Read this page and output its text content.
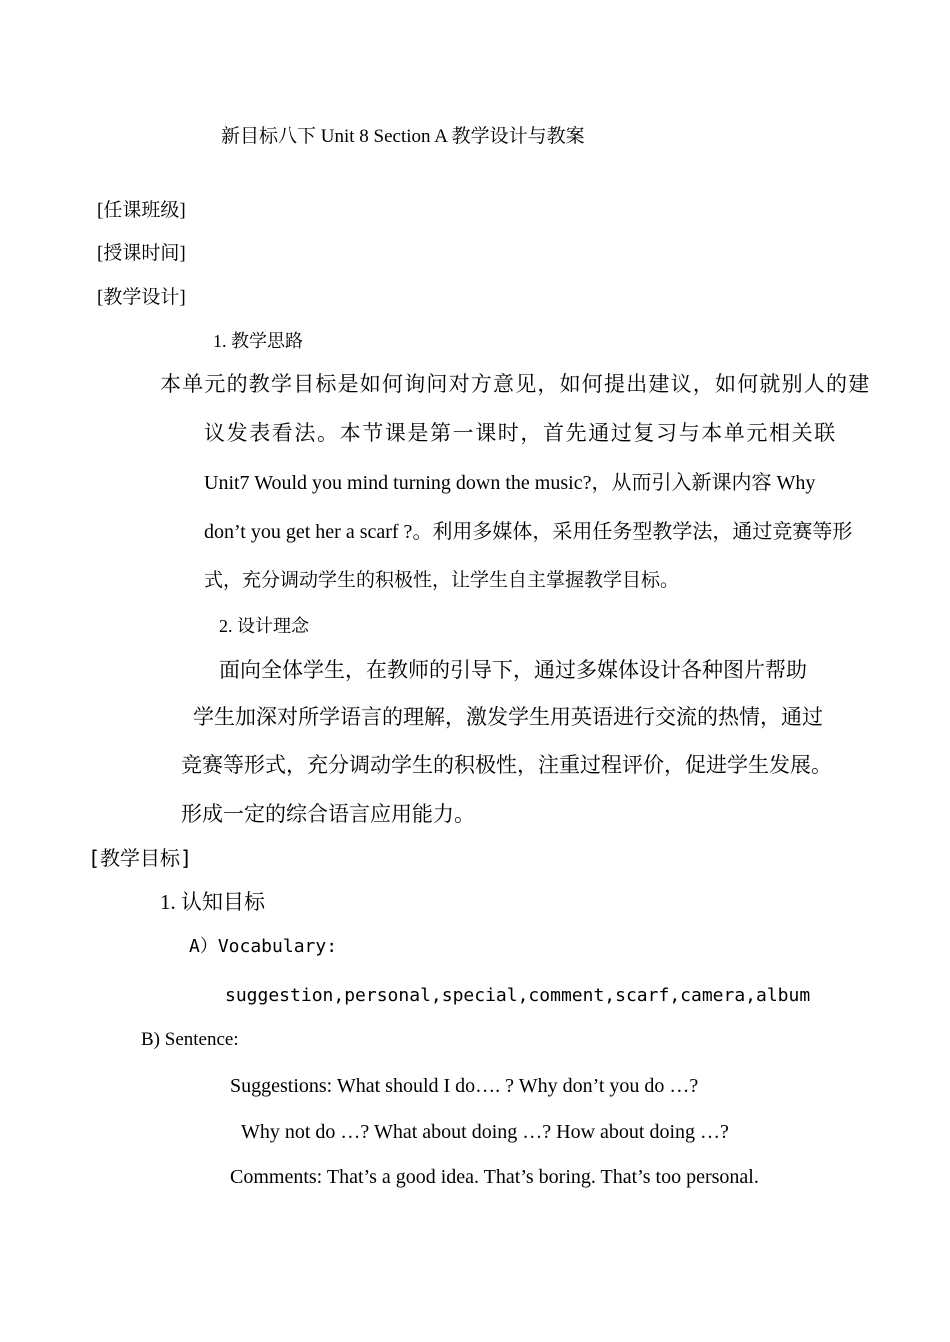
新目标八下 Unit 8 Section A 教学设计与教案
[任课班级]
[授课时间]
[教学设计]
1. 教学思路
本单元的教学目标是如何询问对方意见，如何提出建议，如何就别人的建
议发表看法。本节课是第一课时，首先通过复习与本单元相关联
Unit7 Would you mind turning down the music?，从而引入新课内容 Why
don’t you get her a scarf ?。利用多媒体，采用任务型教学法，通过竞赛等形
式，充分调动学生的积极性，让学生自主掌握教学目标。
2. 设计理念
面向全体学生，在教师的引导下，通过多媒体设计各种图片帮助
学生加深对所学语言的理解，激发学生用英语进行交流的热情，通过
竞赛等形式，充分调动学生的积极性，注重过程评价，促进学生发展。
形成一定的综合语言应用能力。
[教学目标]
1. 认知目标
A）Vocabulary:
suggestion,personal,special,comment,scarf,camera,album
B) Sentence:
Suggestions: What should I do…. ? Why don’t you do …?
Why not do …? What about doing …? How about doing …?
Comments: That’s a good idea. That’s boring. That’s too personal.
